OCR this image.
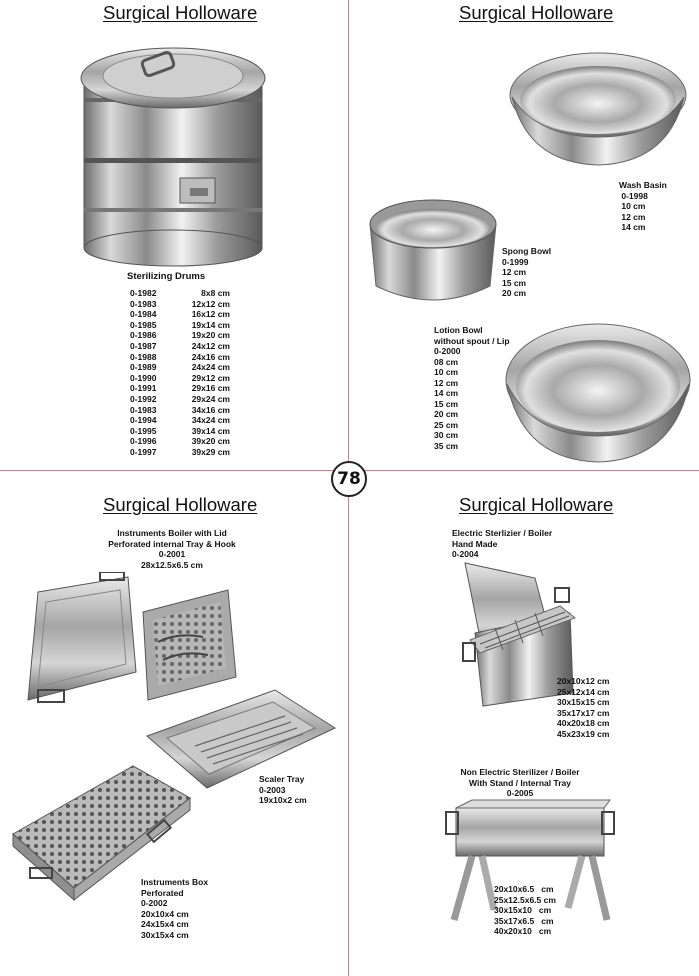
Surgical Holloware
Sterilizing Drums
0-1982	8x8 cm
0-1983	12x12 cm
0-1984	16x12 cm
0-1985	19x14 cm
0-1986	19x20 cm
0-1987	24x12 cm
0-1988	24x16 cm
0-1989	24x24 cm
0-1990	29x12 cm
0-1991	29x16 cm
0-1992	29x24 cm
0-1983	34x16 cm
0-1994	34x24 cm
0-1995	39x14 cm
0-1996	39x20 cm
0-1997	39x29 cm
Surgical Holloware
Wash Basin
0-1998
10 cm
12 cm
14 cm
Spong Bowl
0-1999
12 cm
15 cm
20 cm
Lotion Bowl
without spout / Lip
0-2000
08 cm
10 cm
12 cm
14 cm
15 cm
20 cm
25 cm
30 cm
35 cm
78
Surgical Holloware
Instruments Boiler with Lid
Perforated internal Tray & Hook
0-2001
28x12.5x6.5 cm
Scaler Tray
0-2003
19x10x2 cm
Instruments Box
Perforated
0-2002
20x10x4 cm
24x15x4 cm
30x15x4 cm
Surgical Holloware
Electric Sterlizier / Boiler
Hand Made
0-2004
20x10x12 cm
25x12x14 cm
30x15x15 cm
35x17x17 cm
40x20x18 cm
45x23x19 cm
Non Electric Sterilizer / Boiler
With Stand / Internal Tray
0-2005
20x10x6.5   cm
25x12.5x6.5 cm
30x15x10   cm
35x17x6.5   cm
40x20x10   cm
